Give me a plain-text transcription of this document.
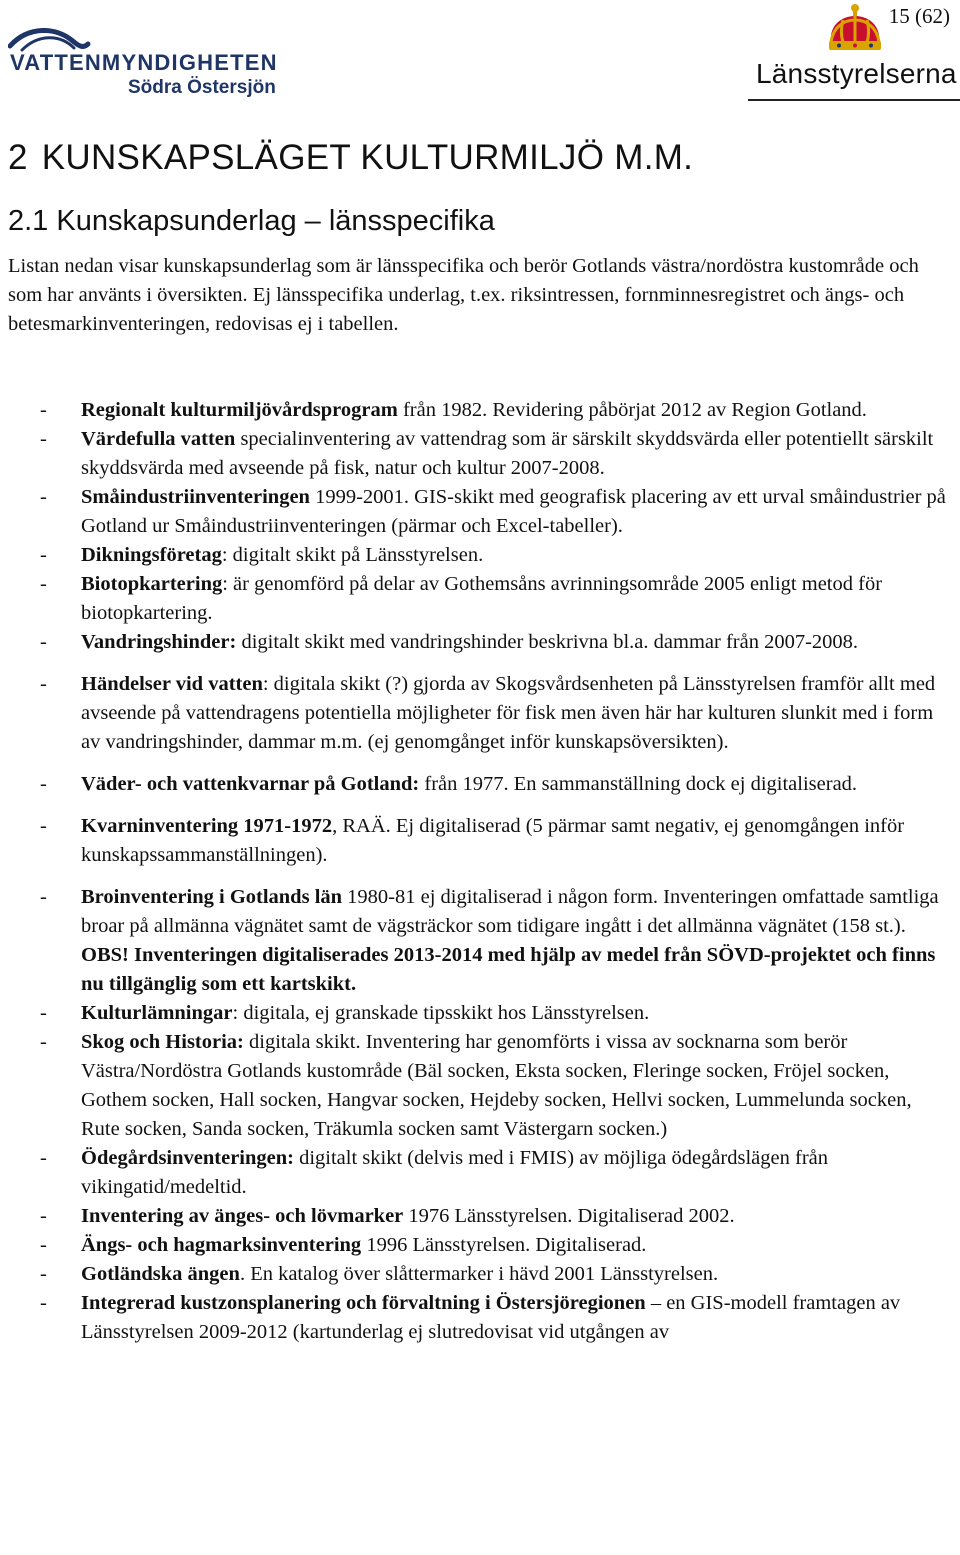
VATTENMYNDIGHETEN
Södra Östersjön	Länsstyrelserna
15 (62)
2 KUNSKAPSLÄGET KULTURMILJÖ M.M.
2.1 Kunskapsunderlag – länsspecifika

Listan nedan visar kunskapsunderlag som är länsspecifika och berör Gotlands västra/nordöstra kustområde och som har använts i översikten. Ej länsspecifika underlag, t.ex. riksintressen, fornminnesregistret och ängs- och betesmarkinventeringen, redovisas ej i tabellen.

- Regionalt kulturmiljövårdsprogram från 1982. Revidering påbörjat 2012 av Region Gotland.
- Värdefulla vatten specialinventering av vattendrag som är särskilt skyddsvärda eller potentiellt särskilt skyddsvärda med avseende på fisk, natur och kultur 2007-2008.
- Småindustriinventeringen 1999-2001. GIS-skikt med geografisk placering av ett urval småindustrier på Gotland ur Småindustriinventeringen (pärmar och Excel-tabeller).
- Dikningsföretag: digitalt skikt på Länsstyrelsen.
- Biotopkartering: är genomförd på delar av Gothemsåns avrinningsområde 2005 enligt metod för biotopkartering.
- Vandringshinder: digitalt skikt med vandringshinder beskrivna bl.a. dammar från 2007-2008.
- Händelser vid vatten: digitala skikt (?) gjorda av Skogsvårdsenheten på Länsstyrelsen framför allt med avseende på vattendragens potentiella möjligheter för fisk men även här har kulturen slunkit med i form av vandringshinder, dammar m.m. (ej genomgånget inför kunskapsöversikten).
- Väder- och vattenkvarnar på Gotland: från 1977. En sammanställning dock ej digitaliserad.
- Kvarninventering 1971-1972, RAÄ. Ej digitaliserad (5 pärmar samt negativ, ej genomgången inför kunskapssammanställningen).
- Broinventering i Gotlands län 1980-81 ej digitaliserad i någon form. Inventeringen omfattade samtliga broar på allmänna vägnätet samt de vägsträckor som tidigare ingått i det allmänna vägnätet (158 st.). OBS! Inventeringen digitaliserades 2013-2014 med hjälp av medel från SÖVD-projektet och finns nu tillgänglig som ett kartskikt.
- Kulturlämningar: digitala, ej granskade tipsskikt hos Länsstyrelsen.
- Skog och Historia: digitala skikt. Inventering har genomförts i vissa av socknarna som berör Västra/Nordöstra Gotlands kustområde (Bäl socken, Eksta socken, Fleringe socken, Fröjel socken, Gothem socken, Hall socken, Hangvar socken, Hejdeby socken, Hellvi socken, Lummelunda socken, Rute socken, Sanda socken, Träkumla socken samt Västergarn socken.)
- Ödegårdsinventeringen: digitalt skikt (delvis med i FMIS) av möjliga ödegårdslägen från vikingatid/medeltid.
- Inventering av änges- och lövmarker 1976 Länsstyrelsen. Digitaliserad 2002.
- Ängs- och hagmarksinventering 1996 Länsstyrelsen. Digitaliserad.
- Gotländska ängen. En katalog över slåttermarker i hävd 2001 Länsstyrelsen.
- Integrerad kustzonsplanering och förvaltning i Östersjöregionen – en GIS-modell framtagen av Länsstyrelsen 2009-2012 (kartunderlag ej slutredovisat vid utgången av
